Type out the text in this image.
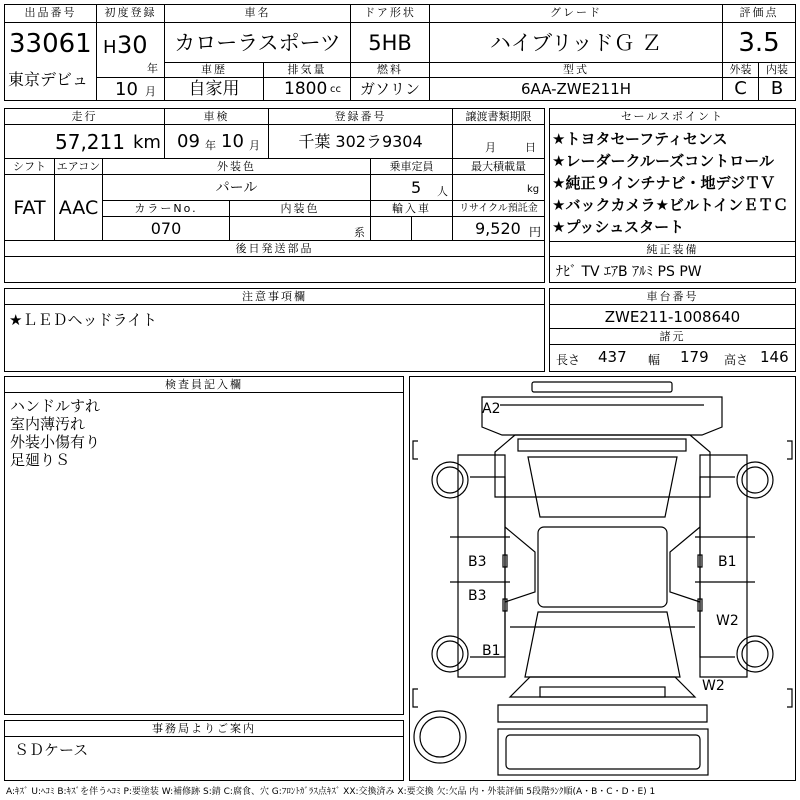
出品番号
33061
東京デビュ
初度登録
H 30
年
10 月
車名
カローラスポーツ
ドア形状
5HB
グレード
ハイブリッドＧ Ｚ
車歴
自家用
排気量
1800 cc
燃料
ガソリン
型式
6AA-ZWE211H
評価点
3.5
外装	内装
C	B
走行
57,211 km
車検
09 年 10 月
登録番号
千葉 302ラ9304
譲渡書類期限
月	日
シフト
FAT
エアコン
AAC
外装色
パール
乗車定員
5 人
最大積載量
kg
カラーNo.
070
内装色
系
輸入車	リサイクル預託金
9,520 円
後日発送部品
セールスポイント
★トヨタセーフティセンス
★レーダークルーズコントロール
★純正９インチナビ・地デジＴＶ
★バックカメラ★ビルトインＥＴＣ
★プッシュスタート
純正装備
ﾅﾋﾞ TV ｴｱB ｱﾙﾐ PS PW
注意事項欄
★ＬＥＤヘッドライト
車台番号
ZWE211-1008640
諸元
長さ 437 幅 179 高さ 146
検査員記入欄
ハンドルすれ
室内薄汚れ
外装小傷有り
足廻りＳ
事務局よりご案内
ＳＤケース
A2
B3	B1
B3
W2
B1
W2
A:ｷｽﾞ U:ﾍｺﾐ B:ｷｽﾞを伴うﾍｺﾐ P:要塗装 W:補修跡 S:錆 C:腐食、穴 G:ﾌﾛﾝﾄｶﾞﾗｽ点ｷｽﾞ XX:交換済み X:要交換 欠:欠品 内・外装評価 5段階ﾗﾝｸ順(A・B・C・D・E) 1
